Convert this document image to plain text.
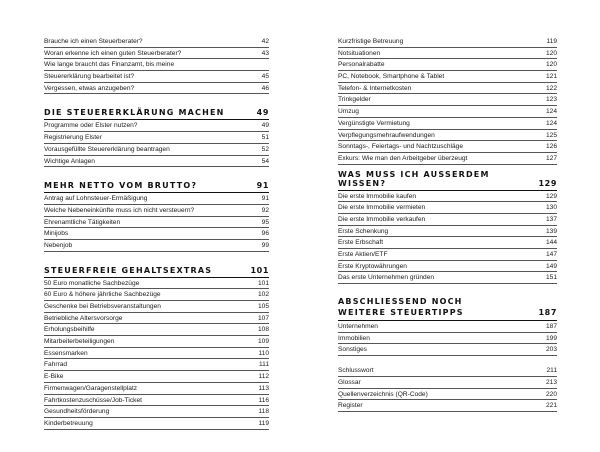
Brauche ich einen Steuerberater?	42
Woran erkenne ich einen guten Steuerberater?	43
Wie lange braucht das Finanzamt, bis meine
Steuererklärung bearbeitet ist?	45
Vergessen, etwas anzugeben?	46
DIE STEUERERKLÄRUNG MACHEN	49
Programme oder Elster nutzen?	49
Registrierung Elster	51
Vorausgefüllte Steuererklärung beantragen	52
Wichtige Anlagen	54
MEHR NETTO VOM BRUTTO?	91
Antrag auf Lohnsteuer-Ermäßigung	91
Welche Nebeneinkünfte muss ich nicht versteuern?	92
Ehrenamtliche Tätigkeiten	95
Minijobs	96
Nebenjob	99
STEUERFREIE GEHALTSEXTRAS	101
50 Euro monatliche Sachbezüge	101
60 Euro & höhere jährliche Sachbezüge	102
Geschenke bei Betriebsveranstaltungen	105
Betriebliche Altersvorsorge	107
Erholungsbeihilfe	108
Mitarbeiterbeteiligungen	109
Essensmarken	110
Fahrrad	111
E-Bike	112
Firmenwagen/Garagenstellplatz	113
Fahrtkostenzuschüsse/Job-Ticket	116
Gesundheitsförderung	118
Kinderbetreuung	119
Kurzfristige Betreuung	119
Notsituationen	120
Personalrabatte	120
PC, Notebook, Smartphone & Tablet	121
Telefon- & Internetkosten	122
Trinkgelder	123
Umzug	124
Vergünstigte Vermietung	124
Verpflegungsmehraufwendungen	125
Sonntags-, Feiertags- und Nachtzuschläge	126
Exkurs: Wie man den Arbeitgeber überzeugt	127
WAS MUSS ICH AUSSERDEM WISSEN?	129
Die erste Immobilie kaufen	129
Die erste Immobilie vermieten	130
Die erste Immobilie verkaufen	137
Erste Schenkung	139
Erste Erbschaft	144
Erste Aktien/ETF	147
Erste Kryptowährungen	149
Das erste Unternehmen gründen	151
ABSCHLIESSEND NOCH
WEITERE STEUERTIPPS	187
Unternehmen	187
Immobilien	199
Sonstiges	203
Schlusswort	211
Glossar	213
Quellenverzeichnis (QR-Code)	220
Register	221
